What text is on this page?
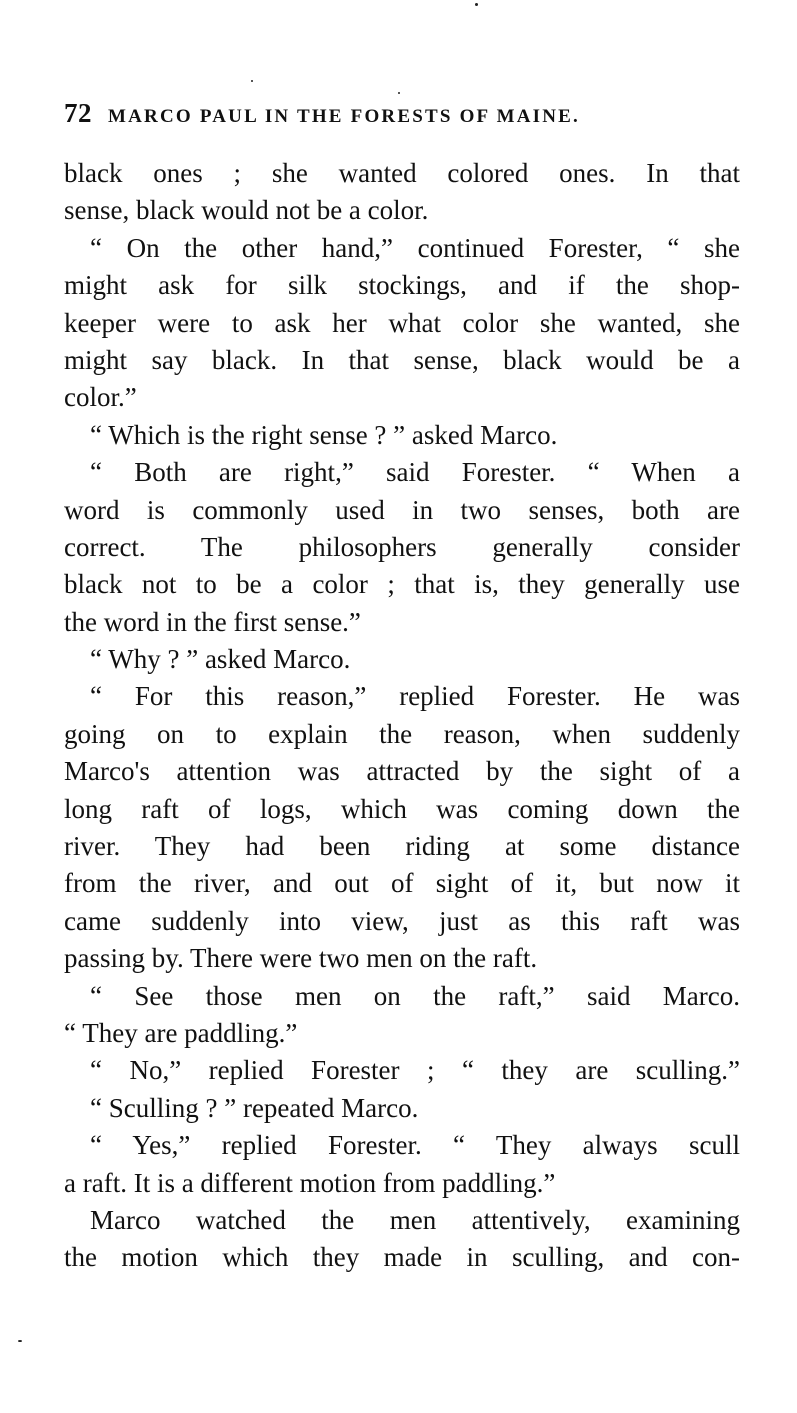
72 MARCO PAUL IN THE FORESTS OF MAINE.
black ones ; she wanted colored ones. In that
sense, black would not be a color.
“ On the other hand,” continued Forester, “ she
might ask for silk stockings, and if the shop-
keeper were to ask her what color she wanted, she
might say black. In that sense, black would be a
color.”
“ Which is the right sense ? ” asked Marco.
“ Both are right,” said Forester. “ When a
word is commonly used in two senses, both are
correct. The philosophers generally consider
black not to be a color ; that is, they generally use
the word in the first sense.”
“ Why ? ” asked Marco.
“ For this reason,” replied Forester. He was
going on to explain the reason, when suddenly
Marco's attention was attracted by the sight of a
long raft of logs, which was coming down the
river. They had been riding at some distance
from the river, and out of sight of it, but now it
came suddenly into view, just as this raft was
passing by. There were two men on the raft.
“ See those men on the raft,” said Marco.
“ They are paddling.”
“ No,” replied Forester ; “ they are sculling.”
“ Sculling ? ” repeated Marco.
“ Yes,” replied Forester. “ They always scull
a raft. It is a different motion from paddling.”
Marco watched the men attentively, examining
the motion which they made in sculling, and con-
